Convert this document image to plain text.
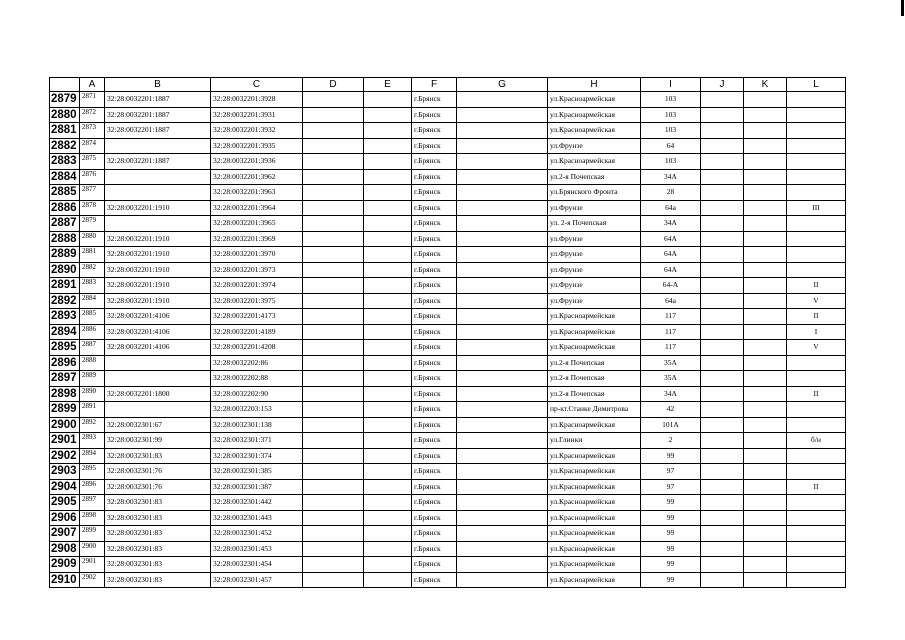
	A	B	C	D	E	F	G	H	I	J	K	L
2879	2871	32:28:0032201:1887	32:28:0032201:3928			г.Брянск		ул.Красноармейская	103			
2880	2872	32:28:0032201:1887	32:28:0032201:3931			г.Брянск		ул.Красноармейская	103			
2881	2873	32:28:0032201:1887	32:28:0032201:3932			г.Брянск		ул.Красноармейская	103			
2882	2874		32:28:0032201:3935			г.Брянск		ул.Фрунзе	64			
2883	2875	32:28:0032201:1887	32:28:0032201:3936			г.Брянск		ул.Красноармейская	103			
2884	2876		32:28:0032201:3962			г.Брянск		ул.2-я Почепская	34А			
2885	2877		32:28:0032201:3963			г.Брянск		ул.Брянского Фронта	28			
2886	2878	32:28:0032201:1910	32:28:0032201:3964			г.Брянск		ул.Фрунзе	64а			III
2887	2879		32:28:0032201:3965			г.Брянск		ул. 2-я Почепская	34А			
2888	2880	32:28:0032201:1910	32:28:0032201:3969			г.Брянск		ул.Фрунзе	64А			
2889	2881	32:28:0032201:1910	32:28:0032201:3970			г.Брянск		ул.Фрунзе	64А			
2890	2882	32:28:0032201:1910	32:28:0032201:3973			г.Брянск		ул.Фрунзе	64А			
2891	2883	32:28:0032201:1910	32:28:0032201:3974			г.Брянск		ул.Фрунзе	64-А			II
2892	2884	32:28:0032201:1910	32:28:0032201:3975			г.Брянск		ул.Фрунзе	64а			V
2893	2885	32:28:0032201:4106	32:28:0032201:4173			г.Брянск		ул.Красноармейская	117			II
2894	2886	32:28:0032201:4106	32:28:0032201:4189			г.Брянск		ул.Красноармейская	117			I
2895	2887	32:28:0032201:4106	32:28:0032201:4208			г.Брянск		ул.Красноармейская	117			V
2896	2888		32:28:0032202:86			г.Брянск		ул.2-я Почепская	35А			
2897	2889		32:28:0032202:88			г.Брянск		ул.2-я Почепская	35А			
2898	2890	32:28:0032201:1800	32:28:0032202:90			г.Брянск		ул.2-я Почепская	34А			II
2899	2891		32:28:0032203:153			г.Брянск		пр-кт.Станке Димитрова	42			
2900	2892	32:28:0032301:67	32:28:0032301:138			г.Брянск		ул.Красноармейская	101А			
2901	2893	32:28:0032301:99	32:28:0032301:371			г.Брянск		ул.Глинки	2			б/н
2902	2894	32:28:0032301:83	32:28:0032301:374			г.Брянск		ул.Красноармейская	99			
2903	2895	32:28:0032301:76	32:28:0032301:385			г.Брянск		ул.Красноармейская	97			
2904	2896	32:28:0032301:76	32:28:0032301:387			г.Брянск		ул.Красноармейская	97			II
2905	2897	32:28:0032301:83	32:28:0032301:442			г.Брянск		ул.Красноармейская	99			
2906	2898	32:28:0032301:83	32:28:0032301:443			г.Брянск		ул.Красноармейская	99			
2907	2899	32:28:0032301:83	32:28:0032301:452			г.Брянск		ул.Красноармейская	99			
2908	2900	32:28:0032301:83	32:28:0032301:453			г.Брянск		ул.Красноармейская	99			
2909	2901	32:28:0032301:83	32:28:0032301:454			г.Брянск		ул.Красноармейская	99			
2910	2902	32:28:0032301:83	32:28:0032301:457			г.Брянск		ул.Красноармейская	99			
